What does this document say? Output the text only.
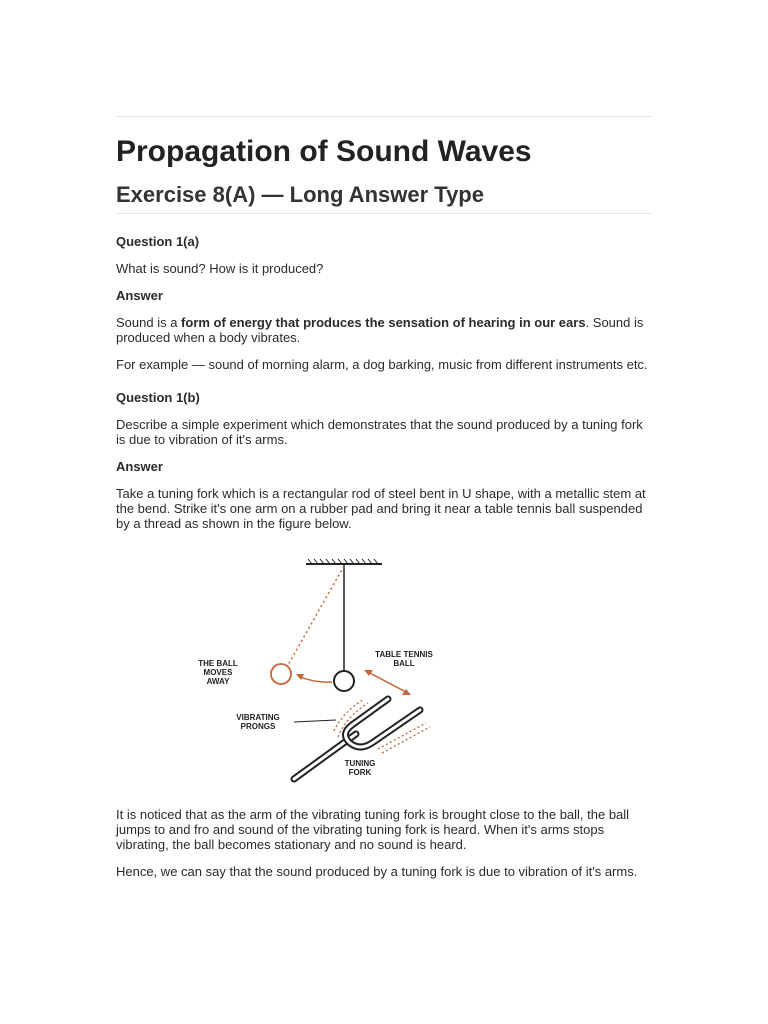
Propagation of Sound Waves
Exercise 8(A) — Long Answer Type

Question 1(a)

What is sound? How is it produced?

Answer

Sound is a form of energy that produces the sensation of hearing in our ears. Sound is produced when a body vibrates.

For example — sound of morning alarm, a dog barking, music from different instruments etc.

Question 1(b)

Describe a simple experiment which demonstrates that the sound produced by a tuning fork is due to vibration of it's arms.

Answer

Take a tuning fork which is a rectangular rod of steel bent in U shape, with a metallic stem at the bend. Strike it's one arm on a rubber pad and bring it near a table tennis ball suspended by a thread as shown in the figure below.

THE BALL
MOVES
AWAY
TABLE TENNIS
BALL
VIBRATING
PRONGS
TUNING
FORK

It is noticed that as the arm of the vibrating tuning fork is brought close to the ball, the ball jumps to and fro and sound of the vibrating tuning fork is heard. When it's arms stops vibrating, the ball becomes stationary and no sound is heard.

Hence, we can say that the sound produced by a tuning fork is due to vibration of it's arms.
